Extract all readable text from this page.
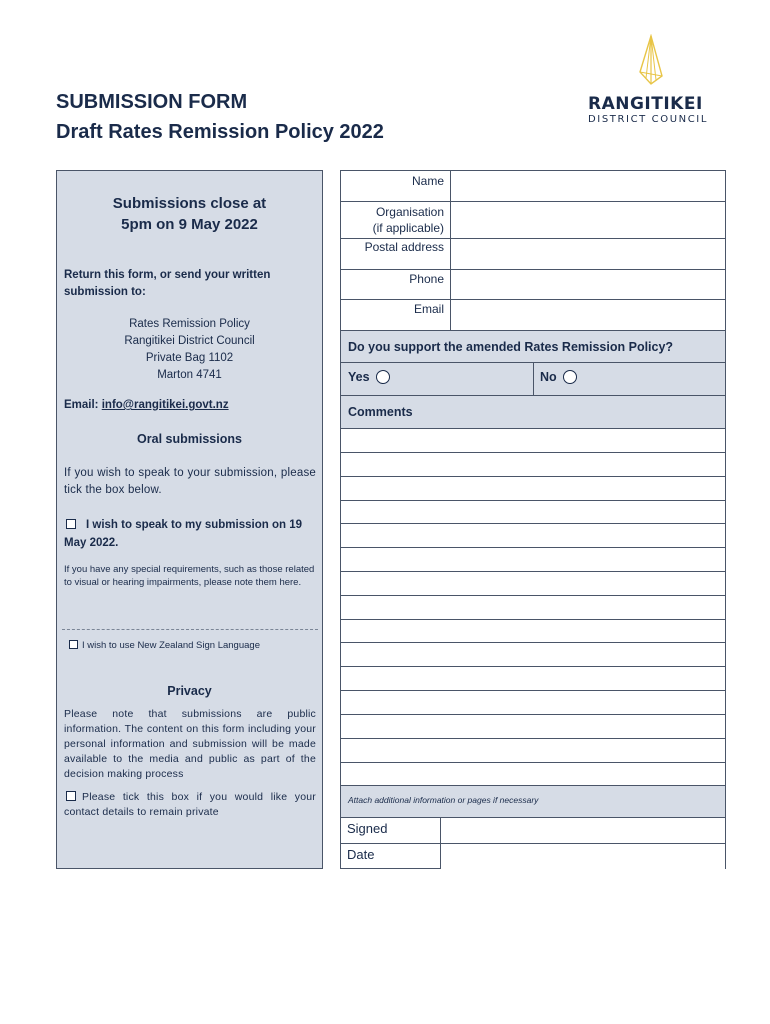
RANGITIKEI
DISTRICT COUNCIL
SUBMISSION FORM
Draft Rates Remission Policy 2022
Submissions close at
5pm on 9 May 2022
Return this form, or send your written submission to:
Rates Remission Policy
Rangitikei District Council
Private Bag 1102
Marton 4741
Email: info@rangitikei.govt.nz
Oral submissions
If you wish to speak to your submission, please tick the box below.
I wish to speak to my submission on 19 May 2022.
If you have any special requirements, such as those related to visual or hearing impairments, please note them here.
I wish to use New Zealand Sign Language
Privacy
Please note that submissions are public information. The content on this form including your personal information and submission will be made available to the media and public as part of the decision making process
Please tick this box if you would like your contact details to remain private
Name
Organisation
(if applicable)
Postal address
Phone
Email
Do you support the amended Rates Remission Policy?
Yes	No
Comments
Attach additional information or pages if necessary
Signed
Date
